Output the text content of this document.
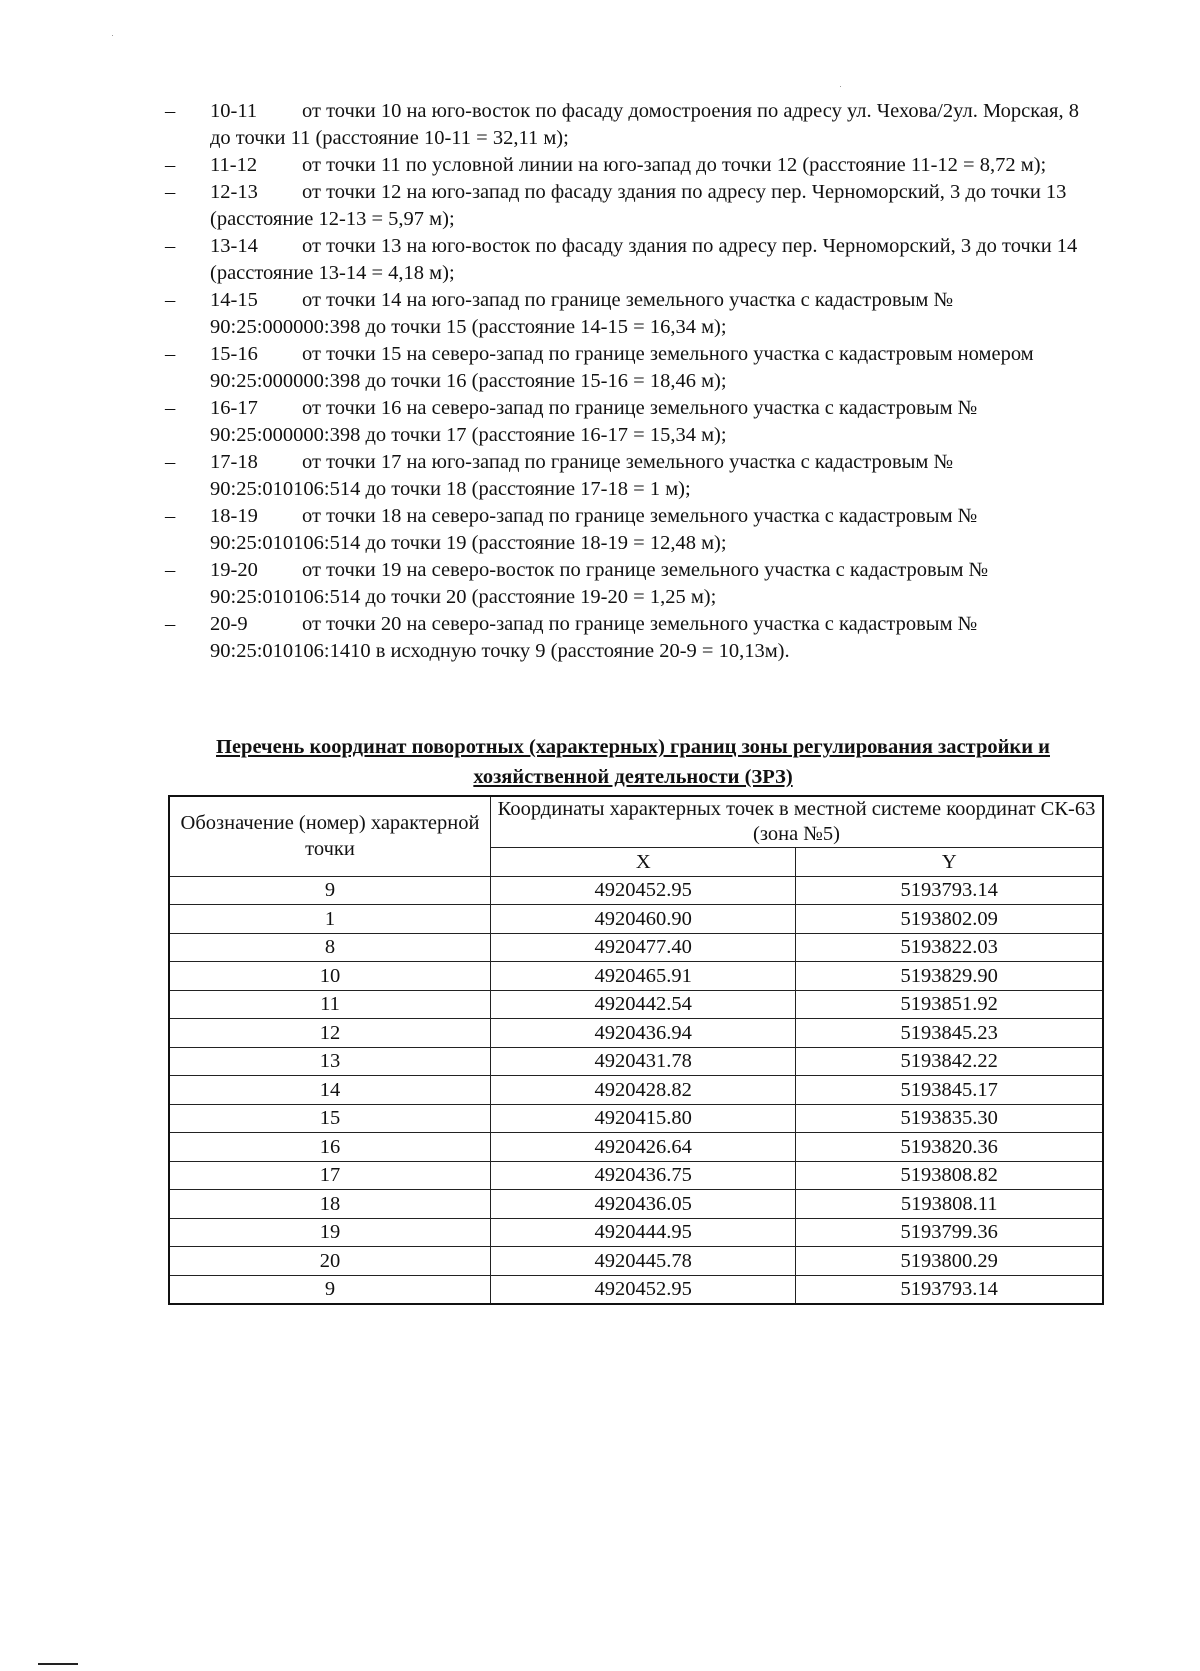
– 10-11 от точки 10 на юго-восток по фасаду домостроения по адресу ул. Чехова/2ул. Морская, 8 до точки 11 (расстояние 10-11 = 32,11 м);
– 11-12 от точки 11 по условной линии на юго-запад до точки 12 (расстояние 11-12 = 8,72 м);
– 12-13 от точки 12 на юго-запад по фасаду здания по адресу пер. Черноморский, 3 до точки 13 (расстояние 12-13 = 5,97 м);
– 13-14 от точки 13 на юго-восток по фасаду здания по адресу пер. Черноморский, 3 до точки 14 (расстояние 13-14 = 4,18 м);
– 14-15 от точки 14 на юго-запад по границе земельного участка с кадастровым № 90:25:000000:398 до точки 15 (расстояние 14-15 = 16,34 м);
– 15-16 от точки 15 на северо-запад по границе земельного участка с кадастровым номером 90:25:000000:398 до точки 16 (расстояние 15-16 = 18,46 м);
– 16-17 от точки 16 на северо-запад по границе земельного участка с кадастровым № 90:25:000000:398 до точки 17 (расстояние 16-17 = 15,34 м);
– 17-18 от точки 17 на юго-запад по границе земельного участка с кадастровым № 90:25:010106:514 до точки 18 (расстояние 17-18 = 1 м);
– 18-19 от точки 18 на северо-запад по границе земельного участка с кадастровым № 90:25:010106:514 до точки 19 (расстояние 18-19 = 12,48 м);
– 19-20 от точки 19 на северо-восток по границе земельного участка с кадастровым № 90:25:010106:514 до точки 20 (расстояние 19-20 = 1,25 м);
– 20-9	от точки 20 на северо-запад по границе земельного участка с кадастровым № 90:25:010106:1410 в исходную точку 9 (расстояние 20-9 = 10,13м).
Перечень координат поворотных (характерных) границ зоны регулирования застройки и хозяйственной деятельности (ЗРЗ)
Обозначение (номер) характерной точки	Координаты характерных точек в местной системе координат СК-63 (зона №5)	
	X	Y
9	4920452.95	5193793.14
1	4920460.90	5193802.09
8	4920477.40	5193822.03
10	4920465.91	5193829.90
11	4920442.54	5193851.92
12	4920436.94	5193845.23
13	4920431.78	5193842.22
14	4920428.82	5193845.17
15	4920415.80	5193835.30
16	4920426.64	5193820.36
17	4920436.75	5193808.82
18	4920436.05	5193808.11
19	4920444.95	5193799.36
20	4920445.78	5193800.29
9	4920452.95	5193793.14
